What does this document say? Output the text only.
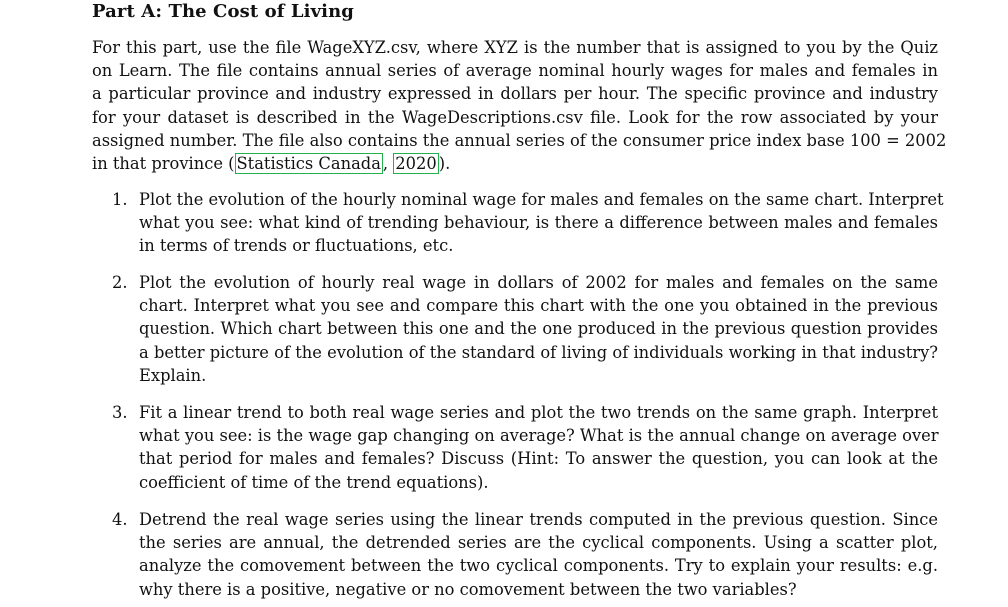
Part A: The Cost of Living
For this part, use the file WageXYZ.csv, where XYZ is the number that is assigned to you by the Quiz
on Learn. The file contains annual series of average nominal hourly wages for males and females in
a particular province and industry expressed in dollars per hour. The specific province and industry
for your dataset is described in the WageDescriptions.csv file. Look for the row associated by your
assigned number. The file also contains the annual series of the consumer price index base 100 = 2002
in that province ( Statistics Canada , 2020 ).
1. Plot the evolution of the hourly nominal wage for males and females on the same chart. Interpret
what you see: what kind of trending behaviour, is there a difference between males and females
in terms of trends or fluctuations, etc.
2. Plot the evolution of hourly real wage in dollars of 2002 for males and females on the same
chart. Interpret what you see and compare this chart with the one you obtained in the previous
question. Which chart between this one and the one produced in the previous question provides
a better picture of the evolution of the standard of living of individuals working in that industry?
Explain.
3. Fit a linear trend to both real wage series and plot the two trends on the same graph. Interpret
what you see: is the wage gap changing on average? What is the annual change on average over
that period for males and females? Discuss (Hint: To answer the question, you can look at the
coefficient of time of the trend equations).
4. Detrend the real wage series using the linear trends computed in the previous question. Since
the series are annual, the detrended series are the cyclical components. Using a scatter plot,
analyze the comovement between the two cyclical components. Try to explain your results: e.g.
why there is a positive, negative or no comovement between the two variables?
